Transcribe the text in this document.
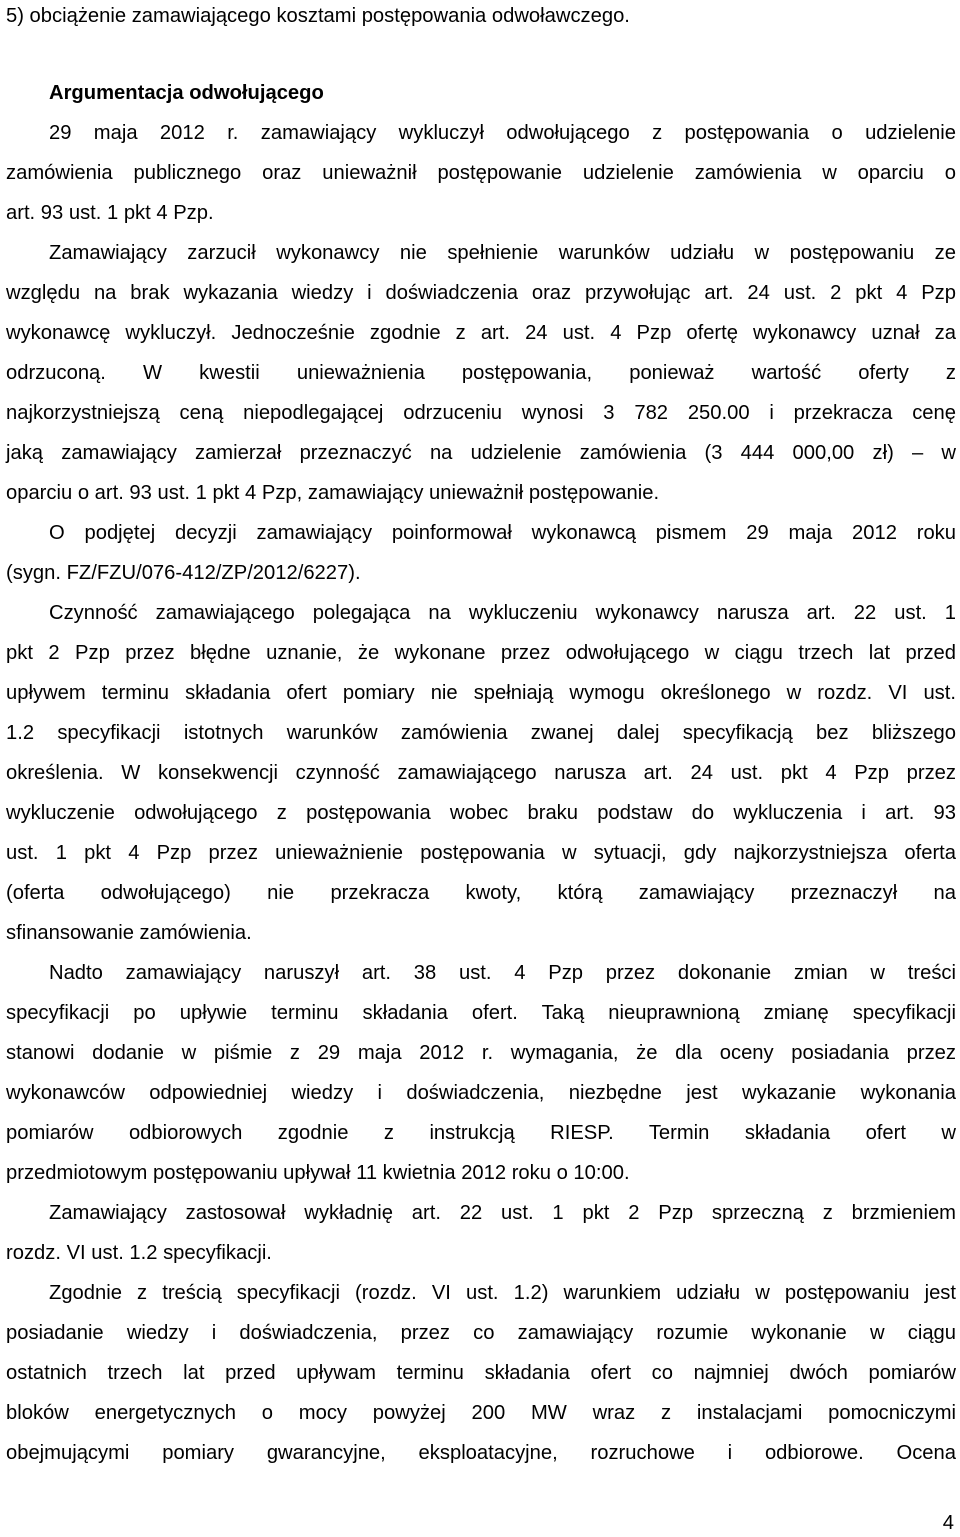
5) obciążenie zamawiającego kosztami postępowania odwoławczego.
Argumentacja odwołującego
29 maja 2012 r. zamawiający wykluczył odwołującego z postępowania o udzielenie
zamówienia publicznego oraz unieważnił postępowanie udzielenie zamówienia w oparciu o
art. 93 ust. 1 pkt 4 Pzp.
Zamawiający zarzucił wykonawcy nie spełnienie warunków udziału w postępowaniu ze
względu na brak wykazania wiedzy i doświadczenia oraz przywołując art. 24 ust. 2 pkt 4 Pzp
wykonawcę wykluczył. Jednocześnie zgodnie z art. 24 ust. 4 Pzp ofertę wykonawcy uznał za
odrzuconą. W kwestii unieważnienia postępowania, ponieważ wartość oferty z
najkorzystniejszą ceną niepodlegającej odrzuceniu wynosi 3 782 250.00 i przekracza cenę
jaką zamawiający zamierzał przeznaczyć na udzielenie zamówienia (3 444 000,00 zł) – w
oparciu o art. 93 ust. 1 pkt 4 Pzp, zamawiający unieważnił postępowanie.
O podjętej decyzji zamawiający poinformował wykonawcą pismem 29 maja 2012 roku
(sygn. FZ/FZU/076-412/ZP/2012/6227).
Czynność zamawiającego polegająca na wykluczeniu wykonawcy narusza art. 22 ust. 1
pkt 2 Pzp przez błędne uznanie, że wykonane przez odwołującego w ciągu trzech lat przed
upływem terminu składania ofert pomiary nie spełniają wymogu określonego w rozdz. VI ust.
1.2 specyfikacji istotnych warunków zamówienia zwanej dalej specyfikacją bez bliższego
określenia. W konsekwencji czynność zamawiającego narusza art. 24 ust. pkt 4 Pzp przez
wykluczenie odwołującego z postępowania wobec braku podstaw do wykluczenia i art. 93
ust. 1 pkt 4 Pzp przez unieważnienie postępowania w sytuacji, gdy najkorzystniejsza oferta
(oferta odwołującego) nie przekracza kwoty, którą zamawiający przeznaczył na
sfinansowanie zamówienia.
Nadto zamawiający naruszył art. 38 ust. 4 Pzp przez dokonanie zmian w treści
specyfikacji po upływie terminu składania ofert. Taką nieuprawnioną zmianę specyfikacji
stanowi dodanie w piśmie z 29 maja 2012 r. wymagania, że dla oceny posiadania przez
wykonawców odpowiedniej wiedzy i doświadczenia, niezbędne jest wykazanie wykonania
pomiarów odbiorowych zgodnie z instrukcją RIESP. Termin składania ofert w
przedmiotowym postępowaniu upływał 11 kwietnia 2012 roku o 10:00.
Zamawiający zastosował wykładnię art. 22 ust. 1 pkt 2 Pzp sprzeczną z brzmieniem
rozdz. VI ust. 1.2 specyfikacji.
Zgodnie z treścią specyfikacji (rozdz. VI ust. 1.2) warunkiem udziału w postępowaniu jest
posiadanie wiedzy i doświadczenia, przez co zamawiający rozumie wykonanie w ciągu
ostatnich trzech lat przed upływam terminu składania ofert co najmniej dwóch pomiarów
bloków energetycznych o mocy powyżej 200 MW wraz z instalacjami pomocniczymi
obejmującymi pomiary gwarancyjne, eksploatacyjne, rozruchowe i odbiorowe. Ocena
4
